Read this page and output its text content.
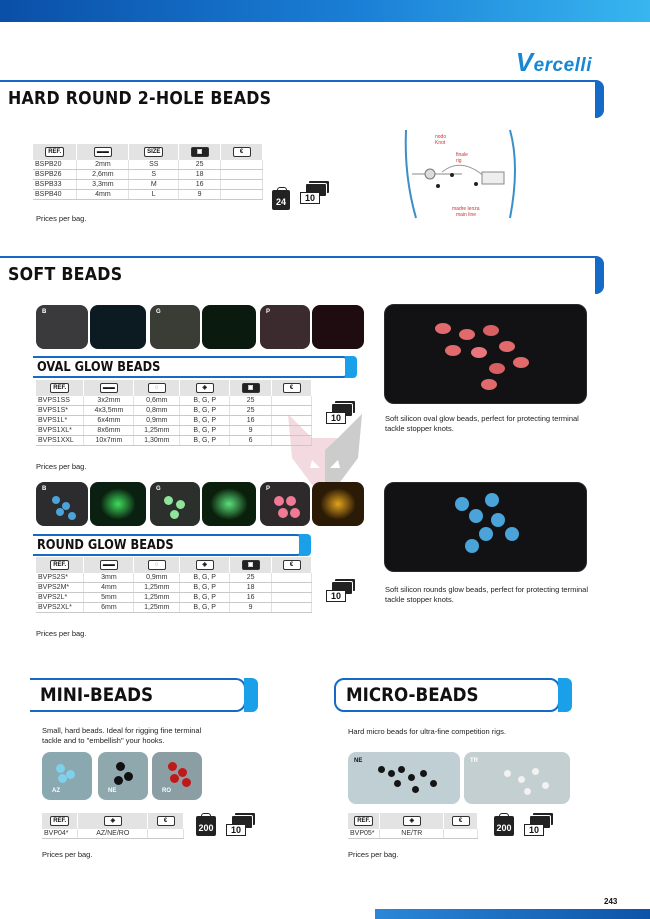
Vercelli
HARD ROUND 2-HOLE BEADS
REF.	▬▬	SIZE	▣	€
BSPB20	2mm	SS	25	
BSPB26	2,6mm	S	18	
BSPB33	3,3mm	M	16	
BSPB40	4mm	L	9	
24	10
Prices per bag.
nodo
Knot
finale
rig
madre lenza
main line
SOFT BEADS
B	G	P
OVAL GLOW BEADS
REF.	▬▬	◌	◈	▣	€
BVPS1SS	3x2mm	0,6mm	B, G, P	25	
BVPS1S*	4x3,5mm	0,8mm	B, G, P	25	
BVPS1L*	6x4mm	0,9mm	B, G, P	16	
BVPS1XL*	8x6mm	1,25mm	B, G, P	9	
BVPS1XXL	10x7mm	1,30mm	B, G, P	6	
10
Prices per bag.
Soft silicon oval glow beads, perfect for protecting terminal tackle stopper knots.
B	G	P
ROUND GLOW BEADS
REF.	▬▬	◌	◈	▣	€
BVPS2S*	3mm	0,9mm	B, G, P	25	
BVPS2M*	4mm	1,25mm	B, G, P	18	
BVPS2L*	5mm	1,25mm	B, G, P	16	
BVPS2XL*	6mm	1,25mm	B, G, P	9	
10
Prices per bag.
Soft silicon rounds glow beads, perfect for protecting terminal tackle stopper knots.
MINI-BEADS
Small, hard beads. Ideal for rigging fine terminal tackle and to "embellish" your hooks.
AZ	NE	RO
REF.	◈	€
BVP04*	AZ/NE/RO	
200	10
Prices per bag.
MICRO-BEADS
Hard micro beads for ultra-fine competition rigs.
NE	TR
REF.	◈	€
BVP05*	NE/TR	
200	10
Prices per bag.
243
